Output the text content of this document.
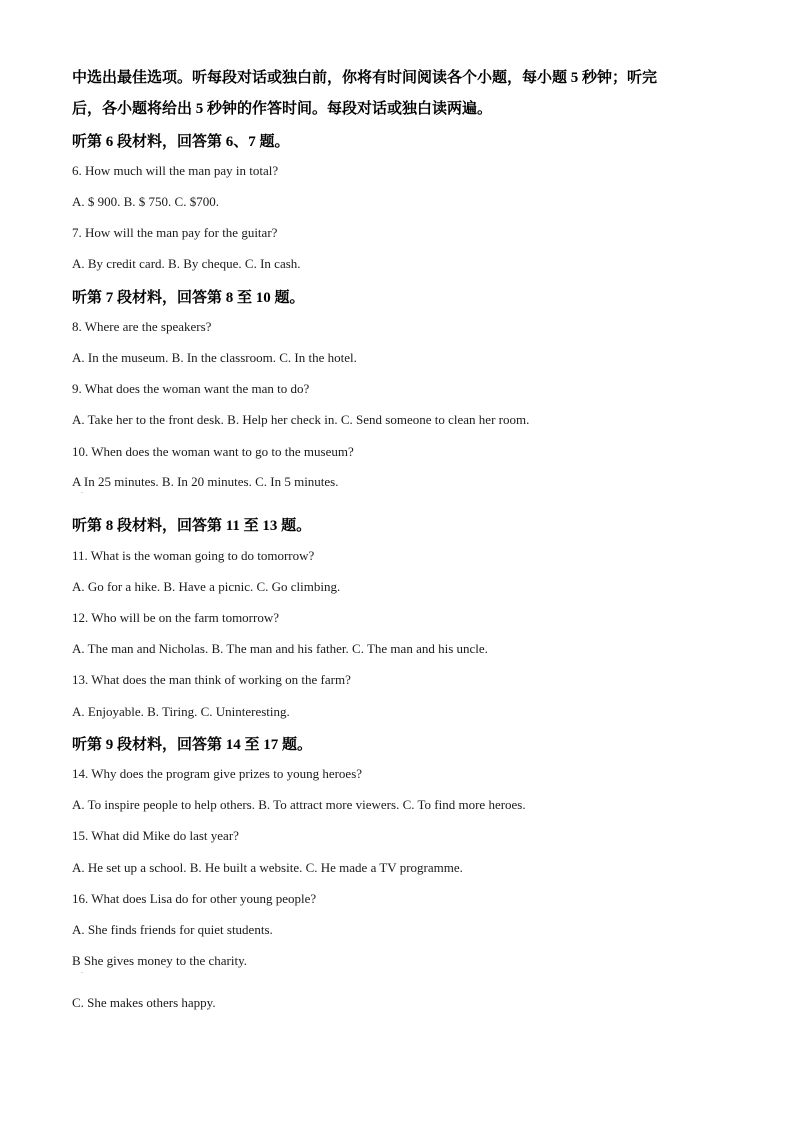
中选出最佳选项。听每段对话或独白前，你将有时间阅读各个小题，每小题 5 秒钟；听完
后，各小题将给出 5 秒钟的作答时间。每段对话或独白读两遍。
听第 6 段材料，回答第 6、7 题。
6. How much will the man pay in total?
A. $ 900. B. $ 750. C. $700.
7. How will the man pay for the guitar?
A. By credit card. B. By cheque. C. In cash.
听第 7 段材料，回答第 8 至 10 题。
8. Where are the speakers?
A. In the museum. B. In the classroom. C. In the hotel.
9. What does the woman want the man to do?
A. Take her to the front desk. B. Help her check in. C. Send someone to clean her room.
10. When does the woman want to go to the museum?
A In 25 minutes. B. In 20 minutes. C. In 5 minutes.
·
听第 8 段材料，回答第 11 至 13 题。
11. What is the woman going to do tomorrow?
A. Go for a hike. B. Have a picnic. C. Go climbing.
12. Who will be on the farm tomorrow?
A. The man and Nicholas. B. The man and his father. C. The man and his uncle.
13. What does the man think of working on the farm?
A. Enjoyable. B. Tiring. C. Uninteresting.
听第 9 段材料，回答第 14 至 17 题。
14. Why does the program give prizes to young heroes?
A. To inspire people to help others. B. To attract more viewers. C. To find more heroes.
15. What did Mike do last year?
A. He set up a school. B. He built a website. C. He made a TV programme.
16. What does Lisa do for other young people?
A. She finds friends for quiet students.
B She gives money to the charity.
·
C. She makes others happy.
